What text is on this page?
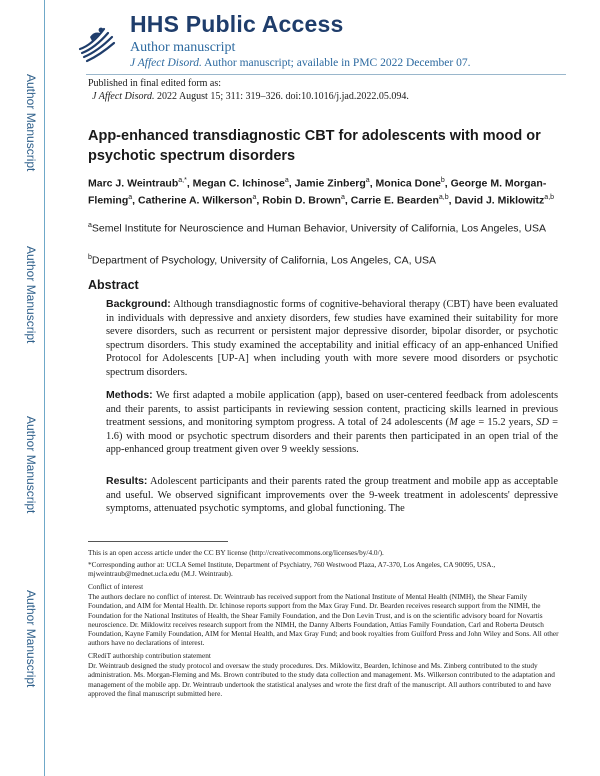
Author Manuscript
Author Manuscript
Author Manuscript
Author Manuscript
HHS Public Access
Author manuscript
J Affect Disord. Author manuscript; available in PMC 2022 December 07.
Published in final edited form as:
J Affect Disord. 2022 August 15; 311: 319–326. doi:10.1016/j.jad.2022.05.094.
App-enhanced transdiagnostic CBT for adolescents with mood or psychotic spectrum disorders
Marc J. Weintraub$^{a,*}$, Megan C. Ichinose$^a$, Jamie Zinberg$^a$, Monica Done$^b$, George M. Morgan-Fleming$^a$, Catherine A. Wilkerson$^a$, Robin D. Brown$^a$, Carrie E. Bearden$^{a,b}$, David J. Miklowitz$^{a,b}$
$^a$Semel Institute for Neuroscience and Human Behavior, University of California, Los Angeles, USA
$^b$Department of Psychology, University of California, Los Angeles, CA, USA
Abstract
Background: Although transdiagnostic forms of cognitive-behavioral therapy (CBT) have been evaluated in individuals with depressive and anxiety disorders, few studies have examined their suitability for more severe disorders, such as recurrent or persistent major depressive disorder, bipolar disorder, or psychotic spectrum disorders. This study examined the acceptability and initial efficacy of an app-enhanced Unified Protocol for Adolescents [UP-A] when including youth with more severe mood disorders or psychotic spectrum disorders.
Methods: We first adapted a mobile application (app), based on user-centered feedback from adolescents and their parents, to assist participants in reviewing session content, practicing skills learned in previous treatment sessions, and monitoring symptom progress. A total of 24 adolescents (M age = 15.2 years, SD = 1.6) with mood or psychotic spectrum disorders and their parents then participated in an open trial of the app-enhanced group treatment given over 9 weekly sessions.
Results: Adolescent participants and their parents rated the group treatment and mobile app as acceptable and useful. We observed significant improvements over the 9-week treatment in adolescents' depressive symptoms, attenuated psychotic symptoms, and global functioning. The
This is an open access article under the CC BY license (http://creativecommons.org/licenses/by/4.0/).
*Corresponding author at: UCLA Semel Institute, Department of Psychiatry, 760 Westwood Plaza, A7-370, Los Angeles, CA 90095, USA., mjweintraub@mednet.ucla.edu (M.J. Weintraub).
Conflict of interest
The authors declare no conflict of interest. Dr. Weintraub has received support from the National Institute of Mental Health (NIMH), the Shear Family Foundation, and AIM for Mental Health. Dr. Ichinose reports support from the Max Gray Fund. Dr. Bearden receives research support from the NIMH, the Foundation for the National Institutes of Health, the Shear Family Foundation, and the Don Levin Trust, and is on the scientific advisory board for Novartis neuroscience. Dr. Miklowitz receives research support from the NIMH, the Danny Alberts Foundation, Attias Family Foundation, Carl and Roberta Deutsch Foundation, Kayne Family Foundation, AIM for Mental Health, and Max Gray Fund; and book royalties from Guilford Press and John Wiley and Sons. All other authors have no declarations of interest.
CRediT authorship contribution statement
Dr. Weintraub designed the study protocol and oversaw the study procedures. Drs. Miklowitz, Bearden, Ichinose and Ms. Zinberg contributed to the study administration. Ms. Morgan-Fleming and Ms. Brown contributed to the study data collection and management. Ms. Wilkerson contributed to the adaptation and management of the mobile app. Dr. Weintraub undertook the statistical analyses and wrote the first draft of the manuscript. All authors contributed to and have approved the final manuscript submitted here.
